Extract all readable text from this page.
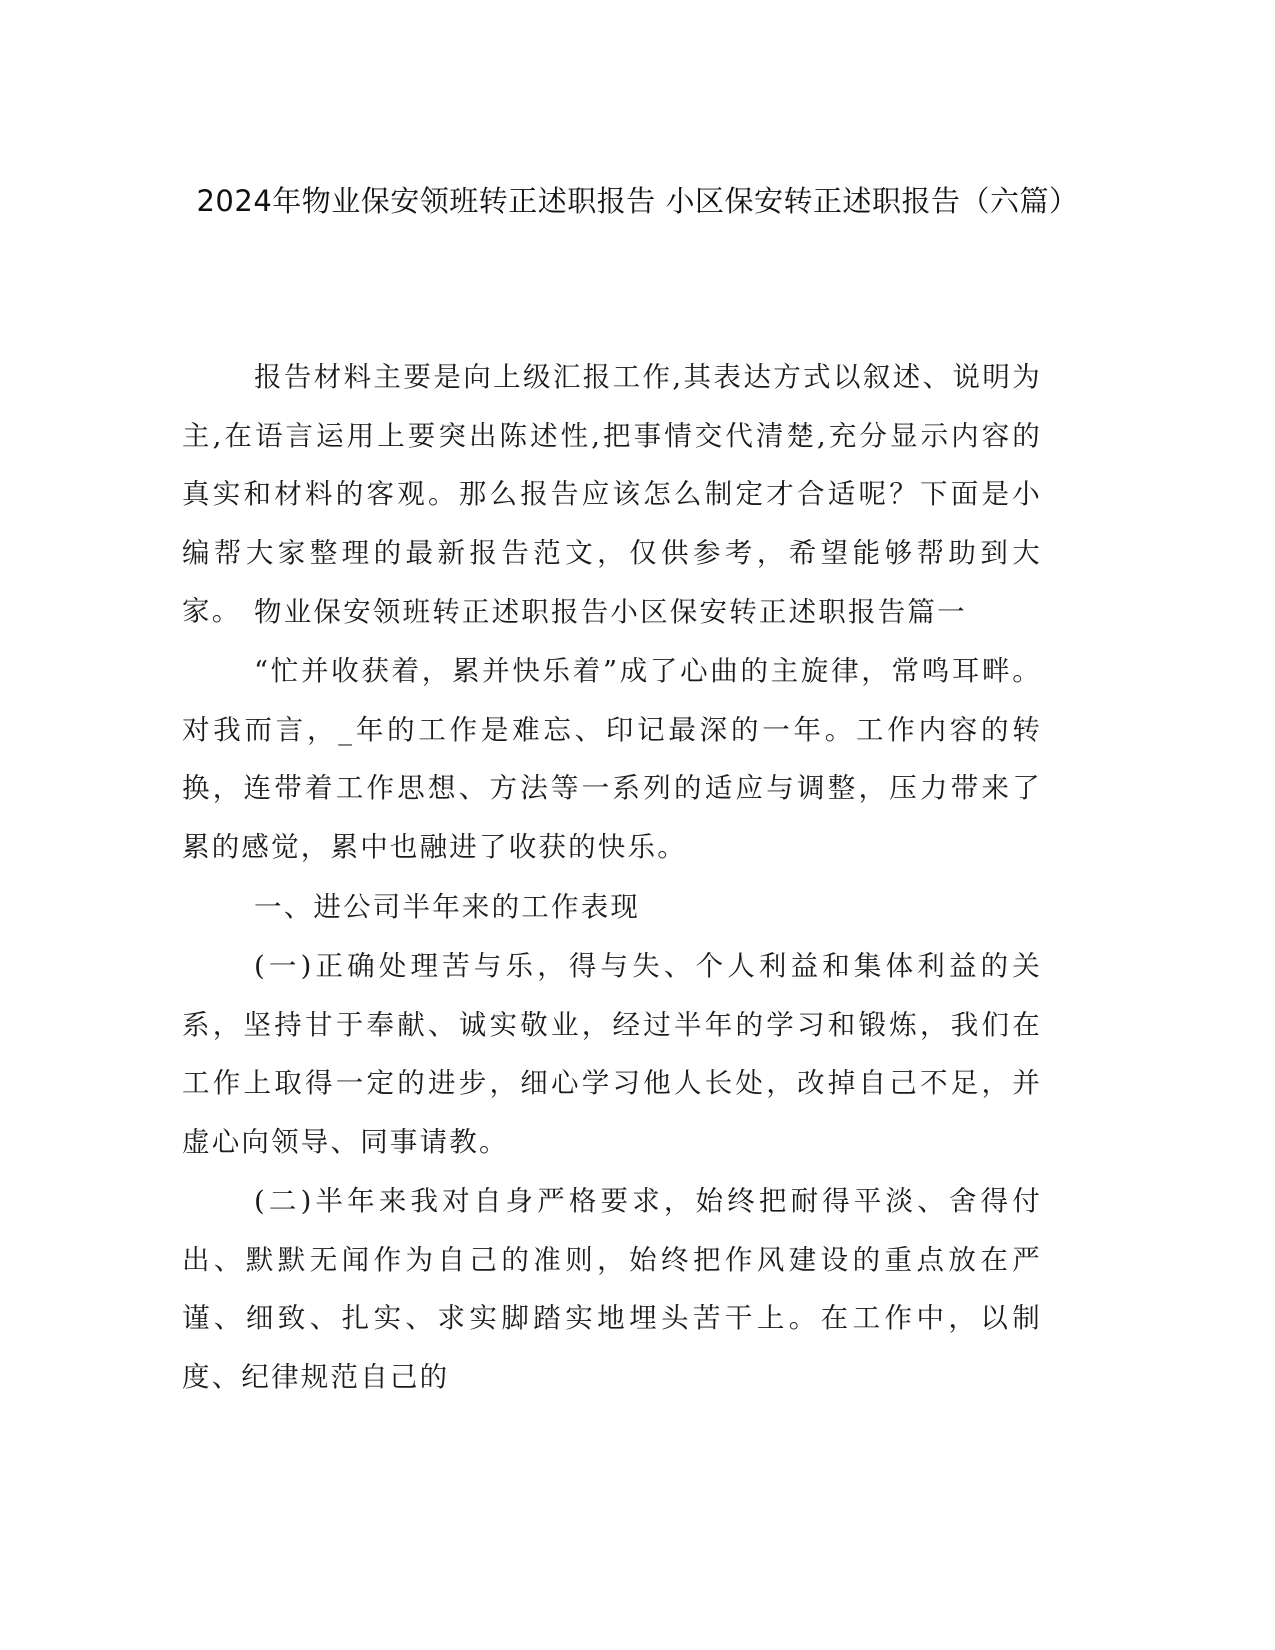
2024年物业保安领班转正述职报告 小区保安转正述职报告（六篇）

报告材料主要是向上级汇报工作,其表达方式以叙述、说明为主,在语言运用上要突出陈述性,把事情交代清楚,充分显示内容的真实和材料的客观。那么报告应该怎么制定才合适呢？下面是小编帮大家整理的最新报告范文，仅供参考，希望能够帮助到大家。 物业保安领班转正述职报告小区保安转正述职报告篇一

“忙并收获着，累并快乐着”成了心曲的主旋律，常鸣耳畔。对我而言，_年的工作是难忘、印记最深的一年。工作内容的转换，连带着工作思想、方法等一系列的适应与调整，压力带来了累的感觉，累中也融进了收获的快乐。

一、进公司半年来的工作表现

(一)正确处理苦与乐，得与失、个人利益和集体利益的关系，坚持甘于奉献、诚实敬业，经过半年的学习和锻炼，我们在工作上取得一定的进步，细心学习他人长处，改掉自己不足，并虚心向领导、同事请教。

(二)半年来我对自身严格要求，始终把耐得平淡、舍得付出、默默无闻作为自己的准则，始终把作风建设的重点放在严谨、细致、扎实、求实脚踏实地埋头苦干上。在工作中，以制度、纪律规范自己的
